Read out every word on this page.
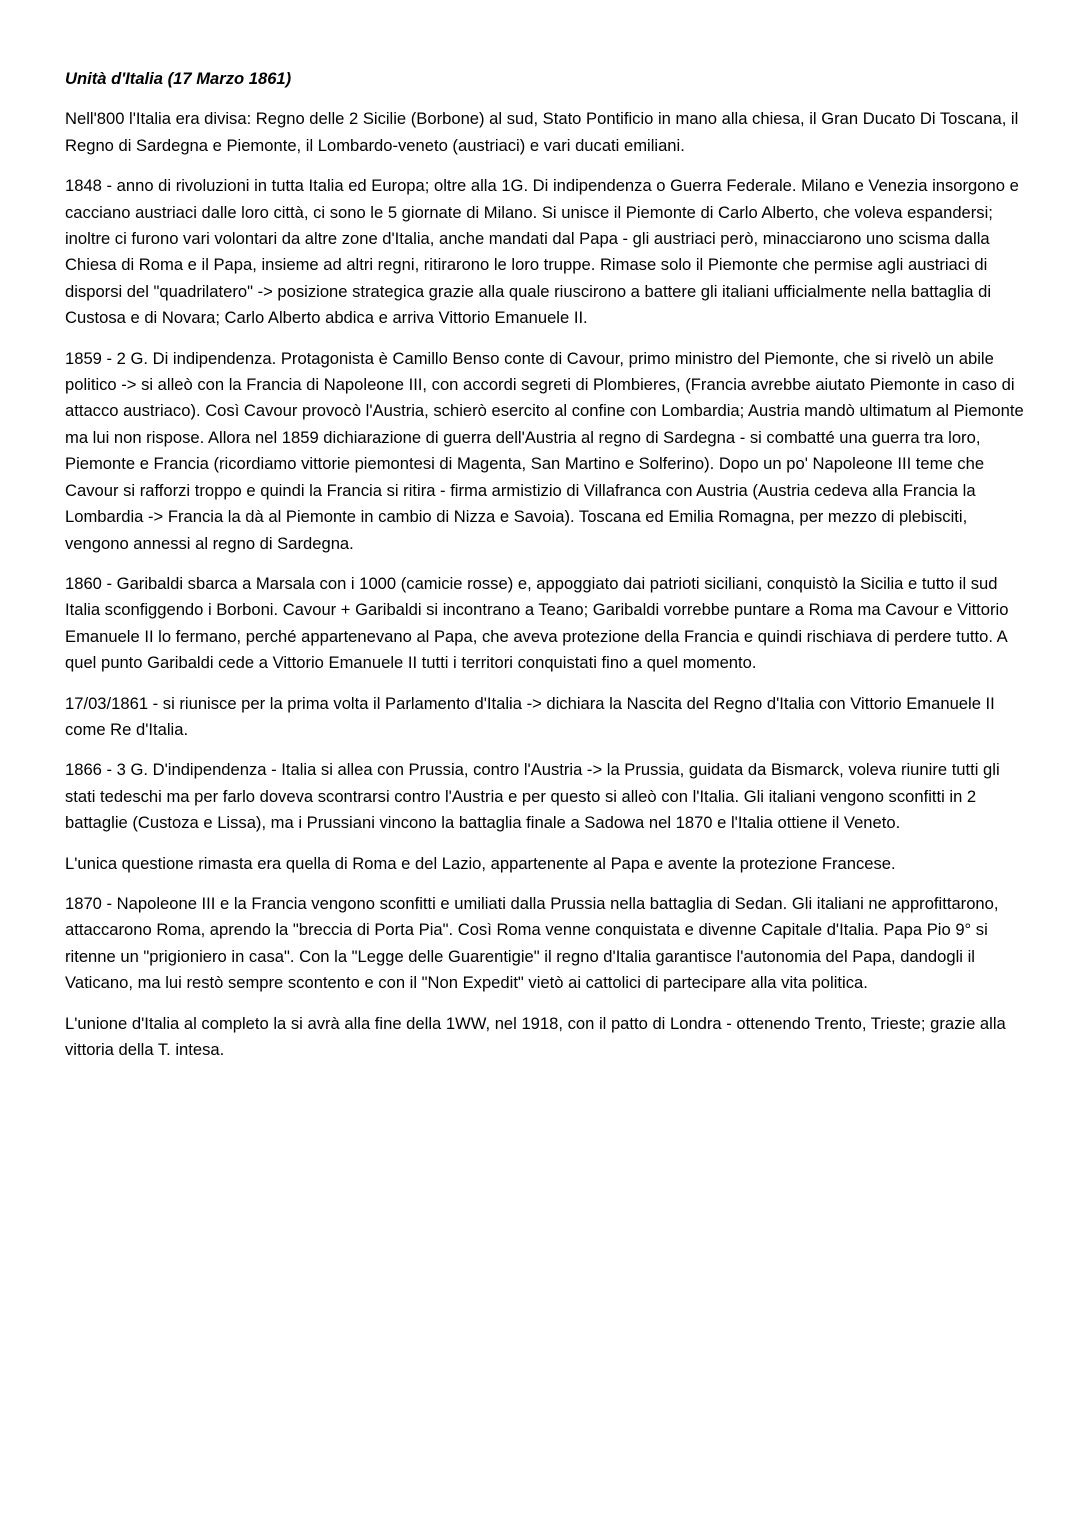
Unità d'Italia (17 Marzo 1861)

Nell'800 l'Italia era divisa: Regno delle 2 Sicilie (Borbone) al sud, Stato Pontificio in mano alla chiesa, il Gran Ducato Di Toscana, il Regno di Sardegna e Piemonte, il Lombardo-veneto (austriaci) e vari ducati emiliani.

1848 - anno di rivoluzioni in tutta Italia ed Europa; oltre alla 1G. Di indipendenza o Guerra Federale. Milano e Venezia insorgono e cacciano austriaci dalle loro città, ci sono le 5 giornate di Milano. Si unisce il Piemonte di Carlo Alberto, che voleva espandersi; inoltre ci furono vari volontari da altre zone d'Italia, anche mandati dal Papa - gli austriaci però, minacciarono uno scisma dalla Chiesa di Roma e il Papa, insieme ad altri regni, ritirarono le loro truppe. Rimase solo il Piemonte che permise agli austriaci di disporsi del "quadrilatero" -> posizione strategica grazie alla quale riuscirono a battere gli italiani ufficialmente nella battaglia di Custosa e di Novara; Carlo Alberto abdica e arriva Vittorio Emanuele II.

1859 - 2 G. Di indipendenza. Protagonista è Camillo Benso conte di Cavour, primo ministro del Piemonte, che si rivelò un abile politico -> si alleò con la Francia di Napoleone III, con accordi segreti di Plombieres, (Francia avrebbe aiutato Piemonte in caso di attacco austriaco). Così Cavour provocò l'Austria, schierò esercito al confine con Lombardia; Austria mandò ultimatum al Piemonte ma lui non rispose. Allora nel 1859 dichiarazione di guerra dell'Austria al regno di Sardegna - si combatté una guerra tra loro, Piemonte e Francia (ricordiamo vittorie piemontesi di Magenta, San Martino e Solferino). Dopo un po' Napoleone III teme che Cavour si rafforzi troppo e quindi la Francia si ritira - firma armistizio di Villafranca con Austria (Austria cedeva alla Francia la Lombardia -> Francia la dà al Piemonte in cambio di Nizza e Savoia). Toscana ed Emilia Romagna, per mezzo di plebisciti, vengono annessi al regno di Sardegna.

1860 - Garibaldi sbarca a Marsala con i 1000 (camicie rosse) e, appoggiato dai patrioti siciliani, conquistò la Sicilia e tutto il sud Italia sconfiggendo i Borboni. Cavour + Garibaldi si incontrano a Teano; Garibaldi vorrebbe puntare a Roma ma Cavour e Vittorio Emanuele II lo fermano, perché appartenevano al Papa, che aveva protezione della Francia e quindi rischiava di perdere tutto. A quel punto Garibaldi cede a Vittorio Emanuele II tutti i territori conquistati fino a quel momento.

17/03/1861 - si riunisce per la prima volta il Parlamento d'Italia -> dichiara la Nascita del Regno d'Italia con Vittorio Emanuele II come Re d'Italia.

1866 - 3 G. D'indipendenza - Italia si allea con Prussia, contro l'Austria -> la Prussia, guidata da Bismarck, voleva riunire tutti gli stati tedeschi ma per farlo doveva scontrarsi contro l'Austria e per questo si alleò con l'Italia. Gli italiani vengono sconfitti in 2 battaglie (Custoza e Lissa), ma i Prussiani vincono la battaglia finale a Sadowa nel 1870 e l'Italia ottiene il Veneto.

L'unica questione rimasta era quella di Roma e del Lazio, appartenente al Papa e avente la protezione Francese.

1870 - Napoleone III e la Francia vengono sconfitti e umiliati dalla Prussia nella battaglia di Sedan. Gli italiani ne approfittarono, attaccarono Roma, aprendo la "breccia di Porta Pia". Così Roma venne conquistata e divenne Capitale d'Italia. Papa Pio 9° si ritenne un "prigioniero in casa". Con la "Legge delle Guarentigie" il regno d'Italia garantisce l'autonomia del Papa, dandogli il Vaticano, ma lui restò sempre scontento e con il "Non Expedit" vietò ai cattolici di partecipare alla vita politica.

L'unione d'Italia al completo la si avrà alla fine della 1WW, nel 1918, con il patto di Londra - ottenendo Trento, Trieste; grazie alla vittoria della T. intesa.
